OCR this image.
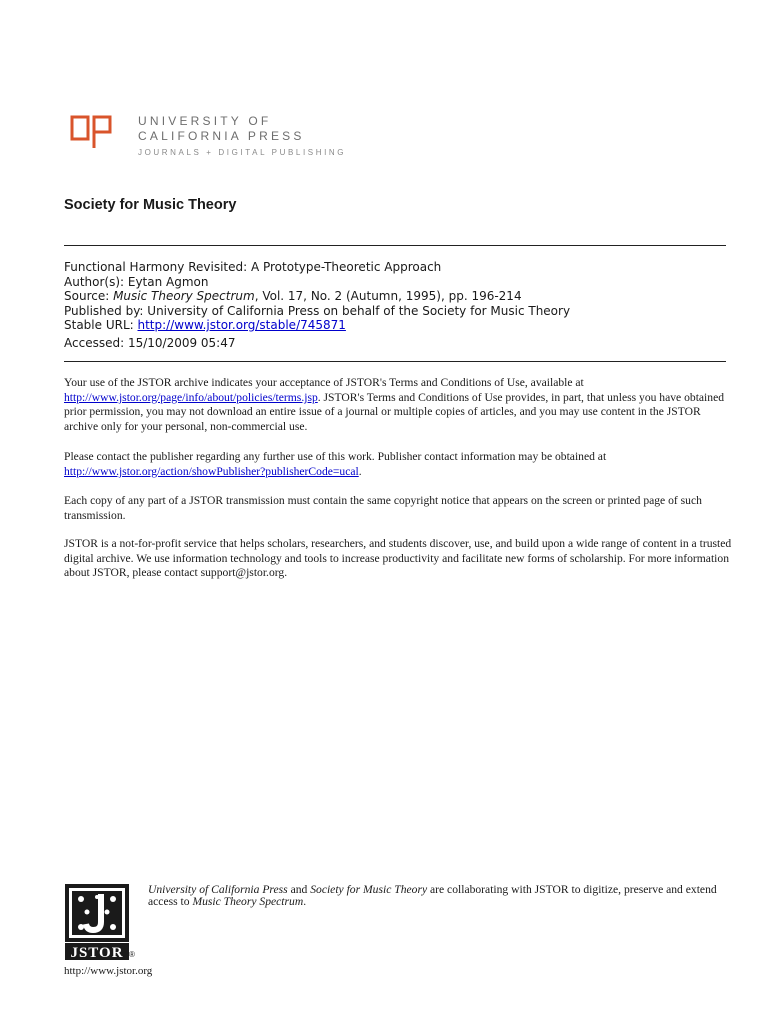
UNIVERSITY OF
CALIFORNIA PRESS
JOURNALS + DIGITAL PUBLISHING
Society for Music Theory
Functional Harmony Revisited: A Prototype-Theoretic Approach
Author(s): Eytan Agmon
Source: Music Theory Spectrum, Vol. 17, No. 2 (Autumn, 1995), pp. 196-214
Published by: University of California Press on behalf of the Society for Music Theory
Stable URL: http://www.jstor.org/stable/745871
Accessed: 15/10/2009 05:47

Your use of the JSTOR archive indicates your acceptance of JSTOR's Terms and Conditions of Use, available at
http://www.jstor.org/page/info/about/policies/terms.jsp. JSTOR's Terms and Conditions of Use provides, in part, that unless you have obtained prior permission, you may not download an entire issue of a journal or multiple copies of articles, and you may use content in the JSTOR archive only for your personal, non-commercial use.

Please contact the publisher regarding any further use of this work. Publisher contact information may be obtained at
http://www.jstor.org/action/showPublisher?publisherCode=ucal.

Each copy of any part of a JSTOR transmission must contain the same copyright notice that appears on the screen or printed page of such transmission.
JSTOR is a not-for-profit service that helps scholars, researchers, and students discover, use, and build upon a wide range of content in a trusted digital archive. We use information technology and tools to increase productivity and facilitate new forms of scholarship. For more information about JSTOR, please contact support@jstor.org.
JSTOR ®
University of California Press and Society for Music Theory are collaborating with JSTOR to digitize, preserve and extend access to Music Theory Spectrum.
http://www.jstor.org
